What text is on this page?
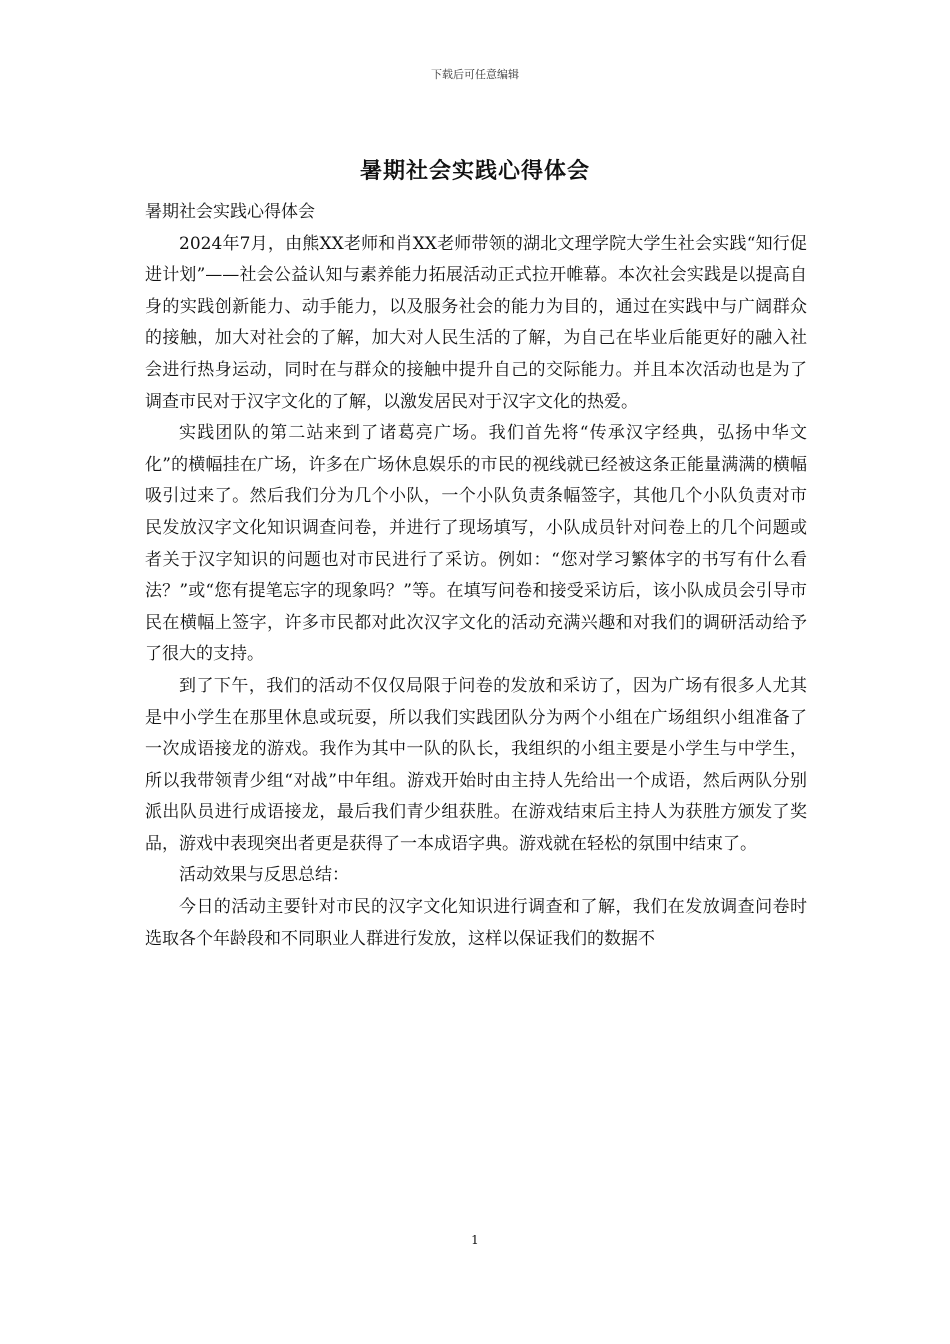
下载后可任意编辑
暑期社会实践心得体会

暑期社会实践心得体会

2024年7月，由熊XX老师和肖XX老师带领的湖北文理学院大学生社会实践“知行促进计划”——社会公益认知与素养能力拓展活动正式拉开帷幕。本次社会实践是以提高自身的实践创新能力、动手能力，以及服务社会的能力为目的，通过在实践中与广阔群众的接触，加大对社会的了解，加大对人民生活的了解，为自己在毕业后能更好的融入社会进行热身运动，同时在与群众的接触中提升自己的交际能力。并且本次活动也是为了调查市民对于汉字文化的了解，以激发居民对于汉字文化的热爱。

实践团队的第二站来到了诸葛亮广场。我们首先将“传承汉字经典，弘扬中华文化”的横幅挂在广场，许多在广场休息娱乐的市民的视线就已经被这条正能量满满的横幅吸引过来了。然后我们分为几个小队，一个小队负责条幅签字，其他几个小队负责对市民发放汉字文化知识调查问卷，并进行了现场填写，小队成员针对问卷上的几个问题或者关于汉字知识的问题也对市民进行了采访。例如：“您对学习繁体字的书写有什么看法？”或“您有提笔忘字的现象吗？”等。在填写问卷和接受采访后，该小队成员会引导市民在横幅上签字，许多市民都对此次汉字文化的活动充满兴趣和对我们的调研活动给予了很大的支持。

到了下午，我们的活动不仅仅局限于问卷的发放和采访了，因为广场有很多人尤其是中小学生在那里休息或玩耍，所以我们实践团队分为两个小组在广场组织小组准备了一次成语接龙的游戏。我作为其中一队的队长，我组织的小组主要是小学生与中学生，所以我带领青少组“对战”中年组。游戏开始时由主持人先给出一个成语，然后两队分别派出队员进行成语接龙，最后我们青少组获胜。在游戏结束后主持人为获胜方颁发了奖品，游戏中表现突出者更是获得了一本成语字典。游戏就在轻松的氛围中结束了。

活动效果与反思总结：

今日的活动主要针对市民的汉字文化知识进行调查和了解，我们在发放调查问卷时选取各个年龄段和不同职业人群进行发放，这样以保证我们的数据不

1
